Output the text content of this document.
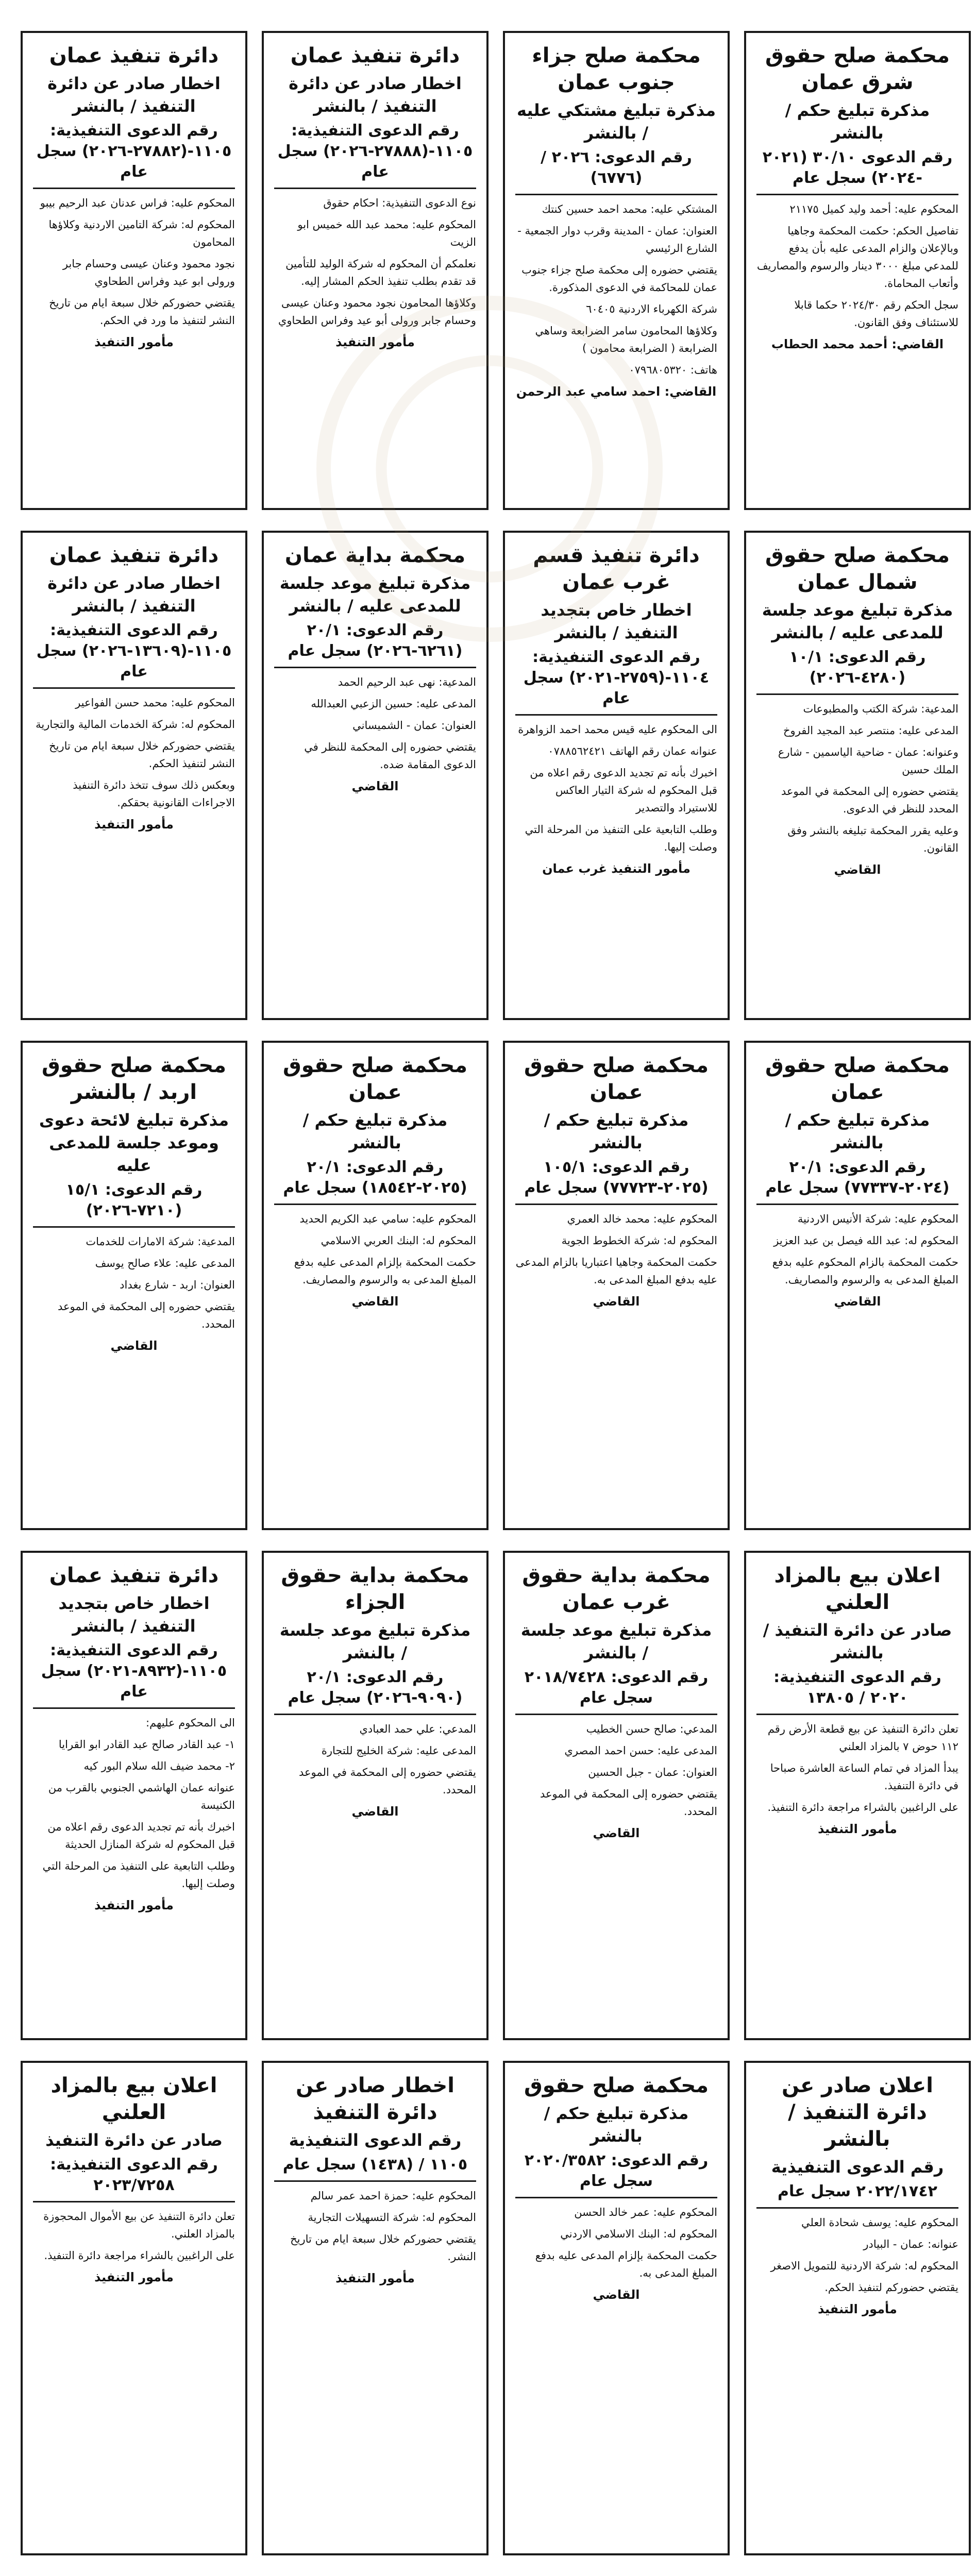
محكمة صلح حقوق شرق عمان
مذكرة تبليغ حكم / بالنشر
رقم الدعوى ٣٠/١٠ (٢٠٢١ -٢٠٢٤) سجل عام

المحكوم عليه: أحمد وليد كميل ٢١١٧٥

تفاصيل الحكم: حكمت المحكمة وجاهيا وبالإعلان والزام المدعى عليه بأن يدفع للمدعي مبلغ ٣٠٠٠ دينار والرسوم والمصاريف وأتعاب المحاماة.

سجل الحكم رقم ٢٠٢٤/٣٠ حكما قابلا للاستئناف وفق القانون.

القاضي: أحمد محمد الحطاب
محكمة صلح جزاء جنوب عمان
مذكرة تبليغ مشتكي عليه / بالنشر
رقم الدعوى: ٢٠٢٦ / (٦٧٧٦)

المشتكي عليه: محمد احمد حسين كنتك

العنوان: عمان - المدينة وقرب دوار الجمعية - الشارع الرئيسي

يقتضي حضوره إلى محكمة صلح جزاء جنوب عمان للمحاكمة في الدعوى المذكورة.

شركة الكهرباء الاردنية ٦٠٤٠٥

وكلاؤها المحامون سامر الضرابعة وساهي الضرابعة ( الضرابعة محامون )

هاتف: ٠٧٩٦٨٠٥٣٢٠

القاضي: احمد سامي عبد الرحمن
دائرة تنفيذ عمان
اخطار صادر عن دائرة التنفيذ / بالنشر
رقم الدعوى التنفيذية: ١١٠٥-(٢٧٨٨٨-٢٠٢٦) سجل عام

نوع الدعوى التنفيذية: احكام حقوق

المحكوم عليه: محمد عبد الله خميس ابو الزيت

نعلمكم أن المحكوم له شركة الوليد للتأمين قد تقدم بطلب تنفيذ الحكم المشار إليه.

وكلاؤها المحامون نجود محمود وعنان عيسى وحسام جابر ورولى أبو عيد وفراس الطحاوي

مأمور التنفيذ
دائرة تنفيذ عمان
اخطار صادر عن دائرة التنفيذ / بالنشر
رقم الدعوى التنفيذية: ١١٠٥-(٢٧٨٨٢-٢٠٢٦) سجل عام

المحكوم عليه: فراس عدنان عبد الرحيم بيبو

المحكوم له: شركة التامين الاردنية وكلاؤها المحامون

نجود محمود وعنان عيسى وحسام جابر ورولى ابو عيد وفراس الطحاوي

يقتضي حضوركم خلال سبعة ايام من تاريخ النشر لتنفيذ ما ورد في الحكم.

مأمور التنفيذ
محكمة صلح حقوق شمال عمان
مذكرة تبليغ موعد جلسة للمدعى عليه / بالنشر
رقم الدعوى: ١٠/١ (٤٢٨٠-٢٠٢٦)

المدعية: شركة الكتب والمطبوعات

المدعى عليه: منتصر عبد المجيد الفروخ

وعنوانه: عمان - ضاحية الياسمين - شارع الملك حسين

يقتضي حضوره إلى المحكمة في الموعد المحدد للنظر في الدعوى.

وعليه يقرر المحكمة تبليغه بالنشر وفق القانون.

القاضي
دائرة تنفيذ قسم غرب عمان
اخطار خاص بتجديد التنفيذ / بالنشر
رقم الدعوى التنفيذية: ١١٠٤-(٢٧٥٩-٢٠٢١) سجل عام

الى المحكوم عليه قيس محمد احمد الزواهرة

عنوانه عمان رقم الهاتف ٠٧٨٨٥٦٢٤٢١

اخبرك بأنه تم تجديد الدعوى رقم اعلاه من قبل المحكوم له شركة التيار العاكس للاستيراد والتصدير

وطلب التابعية على التنفيذ من المرحلة التي وصلت إليها.

مأمور التنفيذ غرب عمان
محكمة بداية عمان
مذكرة تبليغ موعد جلسة للمدعى عليه / بالنشر
رقم الدعوى: ٢٠/١ (٦٢٦١-٢٠٢٦) سجل عام

المدعية: نهى عبد الرحيم الحمد

المدعى عليه: حسين الزعبي العبدالله

العنوان: عمان - الشميساني

يقتضي حضوره إلى المحكمة للنظر في الدعوى المقامة ضده.

القاضي
دائرة تنفيذ عمان
اخطار صادر عن دائرة التنفيذ / بالنشر
رقم الدعوى التنفيذية: ١١٠٥-(١٣٦٠٩-٢٠٢٦) سجل عام

المحكوم عليه: محمد حسن الفواعير

المحكوم له: شركة الخدمات المالية والتجارية

يقتضي حضوركم خلال سبعة ايام من تاريخ النشر لتنفيذ الحكم.

وبعكس ذلك سوف تتخذ دائرة التنفيذ الاجراءات القانونية بحقكم.

مأمور التنفيذ
محكمة صلح حقوق عمان
مذكرة تبليغ حكم / بالنشر
رقم الدعوى: ٢٠/١ (٢٠٢٤-٧٧٣٣٧) سجل عام

المحكوم عليه: شركة الأنيس الاردنية

المحكوم له: عبد الله فيصل بن عبد العزيز

حكمت المحكمة بالزام المحكوم عليه بدفع المبلغ المدعى به والرسوم والمصاريف.

القاضي
محكمة صلح حقوق عمان
مذكرة تبليغ حكم / بالنشر
رقم الدعوى: ١٠٥/١ (٢٠٢٥-٧٧٧٢٣) سجل عام

المحكوم عليه: محمد خالد العمري

المحكوم له: شركة الخطوط الجوية

حكمت المحكمة وجاهيا اعتباريا بالزام المدعى عليه بدفع المبلغ المدعى به.

القاضي
محكمة صلح حقوق عمان
مذكرة تبليغ حكم / بالنشر
رقم الدعوى: ٢٠/١ (٢٠٢٥-١٨٥٤٢) سجل عام

المحكوم عليه: سامي عبد الكريم الحديد

المحكوم له: البنك العربي الاسلامي

حكمت المحكمة بإلزام المدعى عليه بدفع المبلغ المدعى به والرسوم والمصاريف.

القاضي
محكمة صلح حقوق اربد / بالنشر
مذكرة تبليغ لائحة دعوى وموعد جلسة للمدعى عليه
رقم الدعوى: ١٥/١ (٧٢١٠-٢٠٢٦)

المدعية: شركة الامارات للخدمات

المدعى عليه: علاء صالح يوسف

العنوان: اربد - شارع بغداد

يقتضي حضوره إلى المحكمة في الموعد المحدد.

القاضي
اعلان بيع بالمزاد العلني
صادر عن دائرة التنفيذ / بالنشر
رقم الدعوى التنفيذية: ٢٠٢٠ / ١٣٨٠٥

تعلن دائرة التنفيذ عن بيع قطعة الأرض رقم ١١٢ حوض ٧ بالمزاد العلني

يبدأ المزاد في تمام الساعة العاشرة صباحا في دائرة التنفيذ.

على الراغبين بالشراء مراجعة دائرة التنفيذ.

مأمور التنفيذ
محكمة بداية حقوق غرب عمان
مذكرة تبليغ موعد جلسة / بالنشر
رقم الدعوى: ٢٠١٨/٧٤٢٨ سجل عام

المدعي: صالح حسن الخطيب

المدعى عليه: حسن احمد المصري

العنوان: عمان - جبل الحسين

يقتضي حضوره إلى المحكمة في الموعد المحدد.

القاضي
محكمة بداية حقوق الجزاء
مذكرة تبليغ موعد جلسة / بالنشر
رقم الدعوى: ٢٠/١ (٩٠٩٠-٢٠٢٦) سجل عام

المدعي: علي حمد العبادي

المدعى عليه: شركة الخليج للتجارة

يقتضي حضوره إلى المحكمة في الموعد المحدد.

القاضي
دائرة تنفيذ عمان
اخطار خاص بتجديد التنفيذ / بالنشر
رقم الدعوى التنفيذية: ١١٠٥-(٨٩٣٢-٢٠٢١) سجل عام

الى المحكوم عليهم:

١- عبد القادر صالح عبد القادر ابو القرايا

٢- محمد ضيف الله سلام البور كيه

عنوانه عمان الهاشمي الجنوبي بالقرب من الكنيسة

اخبرك بأنه تم تجديد الدعوى رقم اعلاه من قبل المحكوم له شركة المنازل الحديثة

وطلب التابعية على التنفيذ من المرحلة التي وصلت إليها.

مأمور التنفيذ
اعلان صادر عن دائرة التنفيذ / بالنشر
رقم الدعوى التنفيذية
٢٠٢٢/١٧٤٢ سجل عام

المحكوم عليه: يوسف شحادة العلي

عنوانه: عمان - البيادر

المحكوم له: شركة الاردنية للتمويل الاصغر

يقتضي حضوركم لتنفيذ الحكم.

مأمور التنفيذ
محكمة صلح حقوق
مذكرة تبليغ حكم / بالنشر
رقم الدعوى: ٢٠٢٠/٣٥٨٢ سجل عام

المحكوم عليه: عمر خالد الحسن

المحكوم له: البنك الاسلامي الاردني

حكمت المحكمة بإلزام المدعى عليه بدفع المبلغ المدعى به.

القاضي
اخطار صادر عن دائرة التنفيذ
رقم الدعوى التنفيذية
١١٠٥ / (١٤٣٨) سجل عام

المحكوم عليه: حمزة احمد عمر سالم

المحكوم له: شركة التسهيلات التجارية

يقتضي حضوركم خلال سبعة ايام من تاريخ النشر.

مأمور التنفيذ
اعلان بيع بالمزاد العلني
صادر عن دائرة التنفيذ
رقم الدعوى التنفيذية: ٢٠٢٣/٧٢٥٨

تعلن دائرة التنفيذ عن بيع الأموال المحجوزة بالمزاد العلني.

على الراغبين بالشراء مراجعة دائرة التنفيذ.

مأمور التنفيذ
